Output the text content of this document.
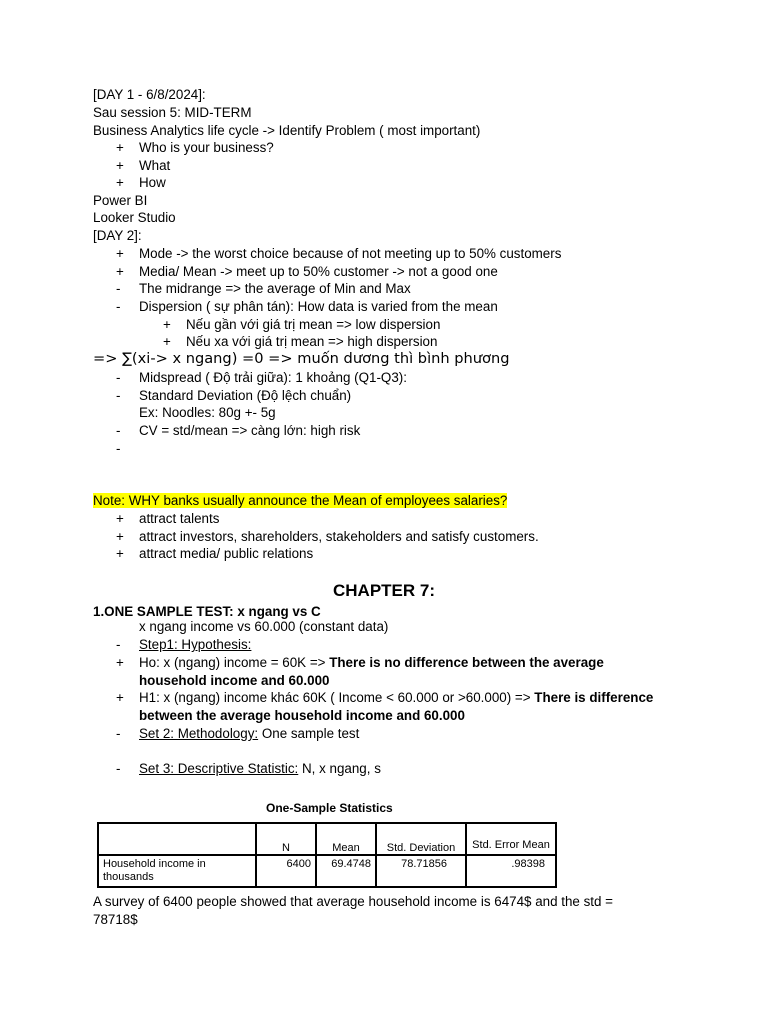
[DAY 1 - 6/8/2024]:
Sau session 5: MID-TERM
Business Analytics life cycle -> Identify Problem ( most important)
+ Who is your business?
+ What
+ How
Power BI
Looker Studio
[DAY 2]:
+ Mode -> the worst choice because of not meeting up to 50% customers
+ Media/ Mean -> meet up to 50% customer -> not a good one
- The midrange => the average of Min and Max
- Dispersion ( sự phân tán): How data is varied from the mean
+ Nếu gần với giá trị mean => low dispersion
+ Nếu xa với giá trị mean => high dispersion
=> ∑(xi-> x ngang) =0 => muốn dương thì bình phương
- Midspread ( Độ trải giữa): 1 khoảng (Q1-Q3):
- Standard Deviation (Độ lệch chuẩn)
Ex: Noodles: 80g +- 5g
- CV = std/mean => càng lớn: high risk
-
Note: WHY banks usually announce the Mean of employees salaries?
+ attract talents
+ attract investors, shareholders, stakeholders and satisfy customers.
+ attract media/ public relations
CHAPTER 7:
1.ONE SAMPLE TEST: x ngang vs C
x ngang income vs 60.000 (constant data)
- Step1: Hypothesis:
+ Ho: x (ngang) income = 60K => There is no difference between the average household income and 60.000
+ H1: x (ngang) income khác 60K ( Income < 60.000 or >60.000) => There is difference between the average household income and 60.000
- Set 2: Methodology: One sample test
- Set 3: Descriptive Statistic: N, x ngang, s
One-Sample Statistics
	N	Mean	Std. Deviation	Std. Error Mean
Household income in thousands	6400	69.4748	78.71856	.98398
A survey of 6400 people showed that average household income is 6474$ and the std = 78718$
